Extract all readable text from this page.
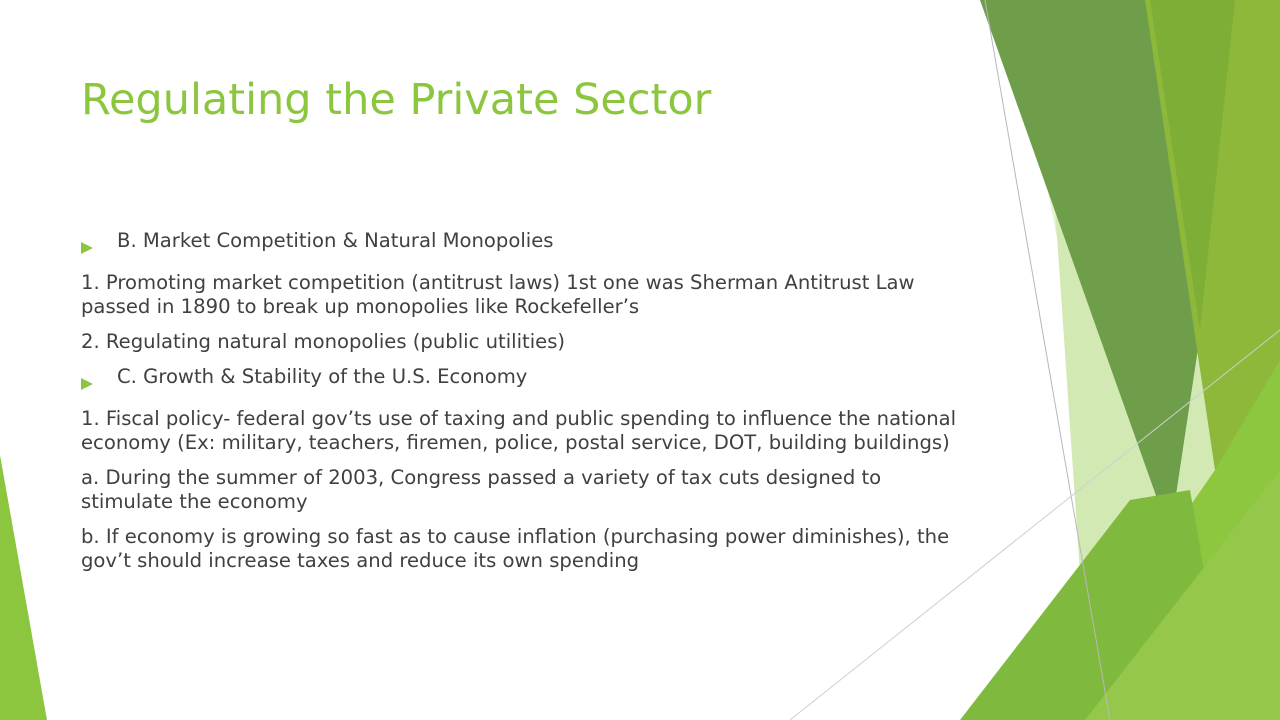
Regulating the Private Sector
B. Market Competition & Natural Monopolies

1. Promoting market competition (antitrust laws) 1st one was Sherman Antitrust Law passed in 1890 to break up monopolies like Rockefeller’s

2. Regulating natural monopolies (public utilities)

C. Growth & Stability of the U.S. Economy

1. Fiscal policy- federal gov’ts use of taxing and public spending to influence the national economy (Ex: military, teachers, firemen, police, postal service, DOT, building buildings)

a. During the summer of 2003, Congress passed a variety of tax cuts designed to stimulate the economy

b. If economy is growing so fast as to cause inflation (purchasing power diminishes), the gov’t should increase taxes and reduce its own spending
